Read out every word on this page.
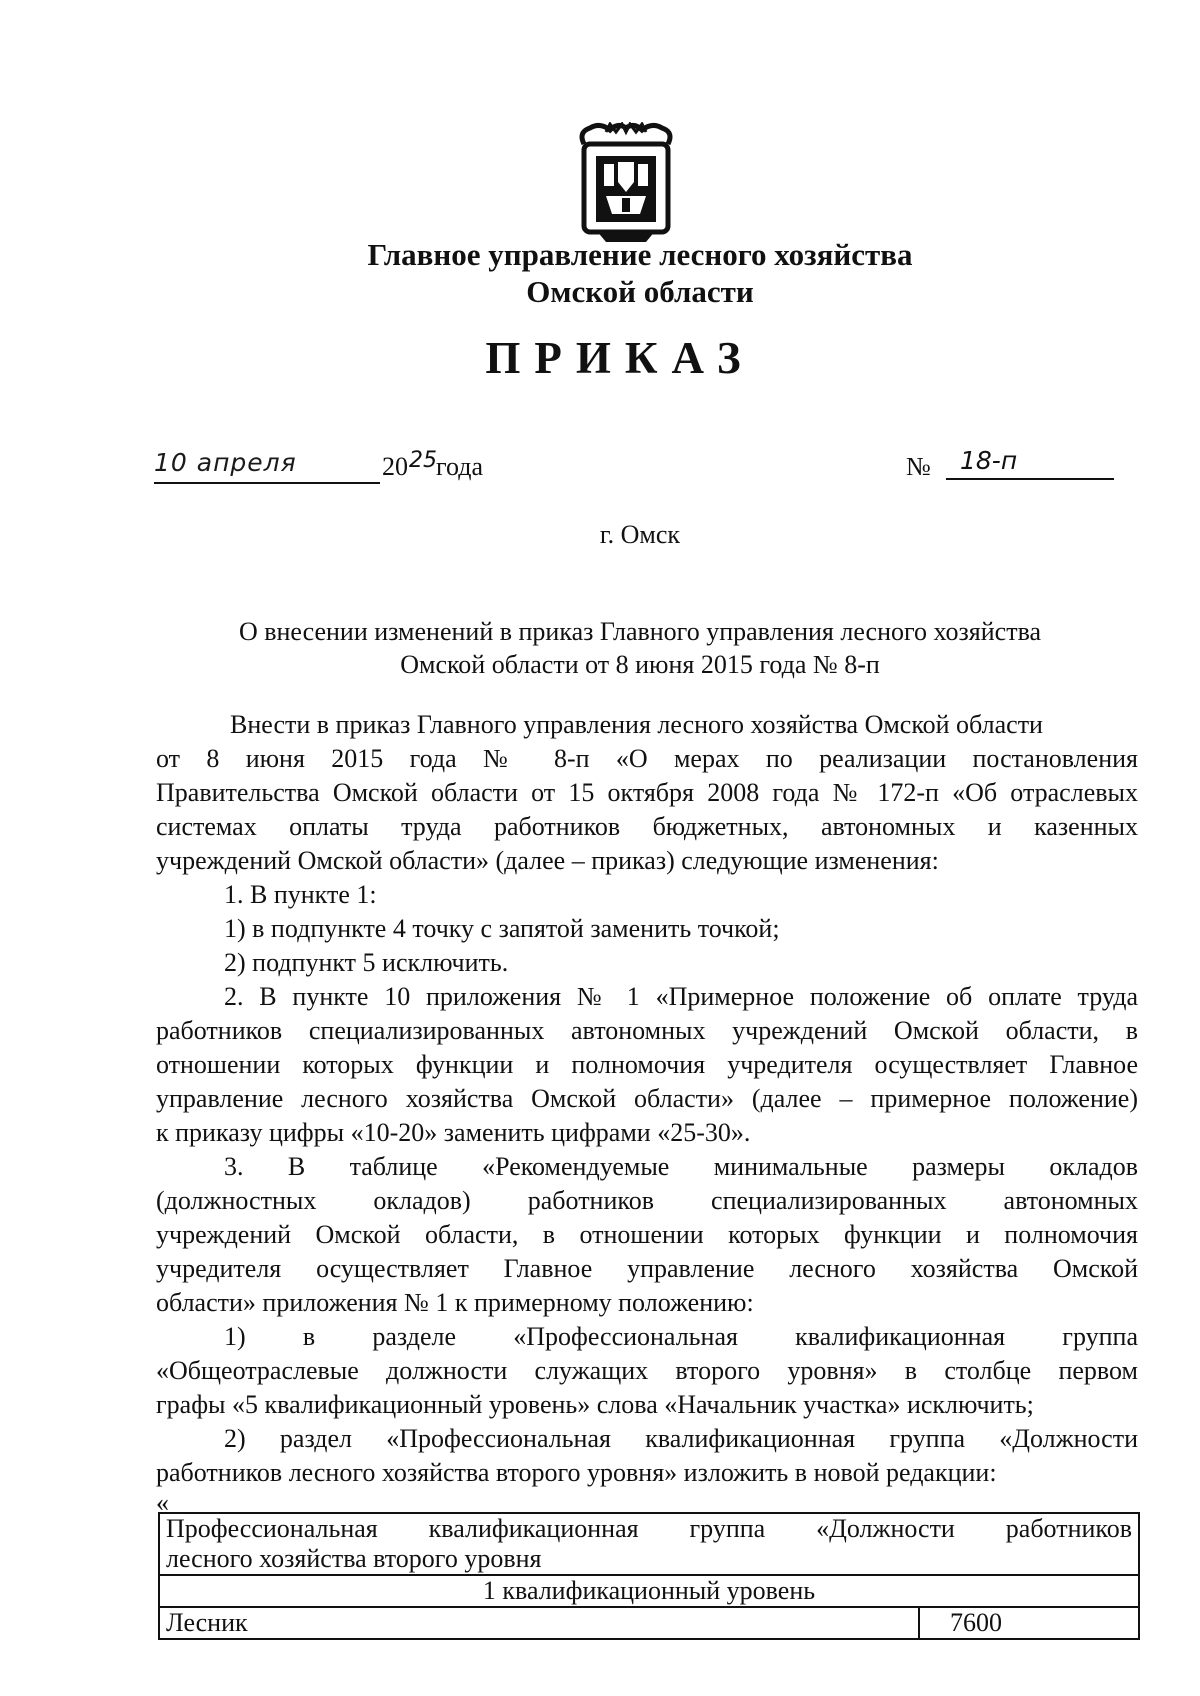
Главное управление лесного хозяйства
Омской области
ПРИКАЗ
10 апреля	20 25 года	№	18-п
г. Омск
О внесении изменений в приказ Главного управления лесного хозяйства
Омской области от 8 июня 2015 года № 8-п
Внести в приказ Главного управления лесного хозяйства Омской области
от 8 июня 2015 года № 8-п «О мерах по реализации постановления
Правительства Омской области от 15 октября 2008 года № 172-п «Об отраслевых
системах оплаты труда работников бюджетных, автономных и казенных
учреждений Омской области» (далее – приказ) следующие изменения:
1. В пункте 1:
1) в подпункте 4 точку с запятой заменить точкой;
2) подпункт 5 исключить.
2. В пункте 10 приложения № 1 «Примерное положение об оплате труда
работников специализированных автономных учреждений Омской области, в
отношении которых функции и полномочия учредителя осуществляет Главное
управление лесного хозяйства Омской области» (далее – примерное положение)
к приказу цифры «10-20» заменить цифрами «25-30».
3. В таблице «Рекомендуемые минимальные размеры окладов
(должностных окладов) работников специализированных автономных
учреждений Омской области, в отношении которых функции и полномочия
учредителя осуществляет Главное управление лесного хозяйства Омской
области» приложения № 1 к примерному положению:
1) в разделе «Профессиональная квалификационная группа
«Общеотраслевые должности служащих второго уровня» в столбце первом
графы «5 квалификационный уровень» слова «Начальник участка» исключить;
2) раздел «Профессиональная квалификационная группа «Должности
работников лесного хозяйства второго уровня» изложить в новой редакции:
«
Профессиональная квалификационная группа «Должности работников
лесного хозяйства второго уровня

1 квалификационный уровень
Лесник	7600
